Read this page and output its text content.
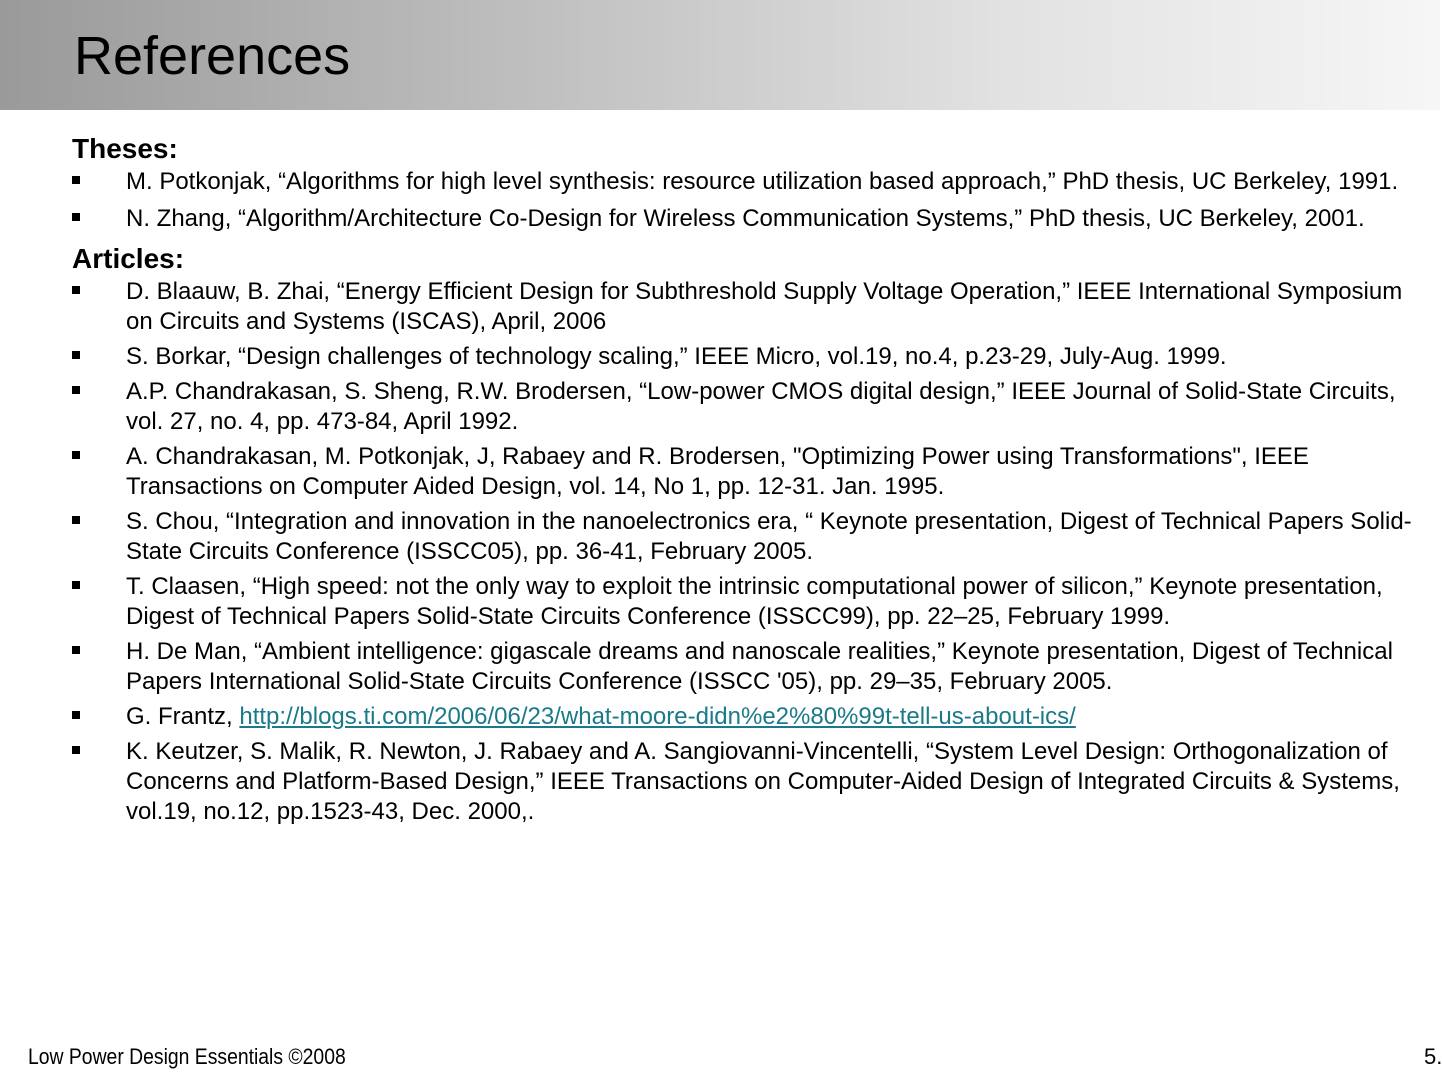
References
Theses:
M. Potkonjak, “Algorithms for high level synthesis: resource utilization based approach,” PhD thesis, UC Berkeley, 1991.
N. Zhang, “Algorithm/Architecture Co-Design for Wireless Communication Systems,” PhD thesis, UC Berkeley, 2001.
Articles:
D. Blaauw, B. Zhai, “Energy Efficient Design for Subthreshold Supply Voltage Operation,” IEEE International Symposium on Circuits and Systems (ISCAS), April, 2006
S. Borkar, “Design challenges of technology scaling,” IEEE Micro, vol.19, no.4, p.23-29, July-Aug. 1999.
A.P. Chandrakasan, S. Sheng, R.W. Brodersen, “Low-power CMOS digital design,” IEEE Journal of Solid-State Circuits, vol. 27, no. 4, pp. 473-84, April 1992.
A. Chandrakasan, M. Potkonjak, J, Rabaey and R. Brodersen, "Optimizing Power using Transformations", IEEE Transactions on Computer Aided Design, vol. 14, No 1, pp. 12-31. Jan. 1995.
S. Chou, “Integration and innovation in the nanoelectronics era, “ Keynote presentation, Digest of Technical Papers Solid-State Circuits Conference (ISSCC05), pp. 36-41, February 2005.
T. Claasen, “High speed: not the only way to exploit the intrinsic computational power of silicon,” Keynote presentation, Digest of Technical Papers Solid-State Circuits Conference (ISSCC99), pp. 22–25, February 1999.
H. De Man, “Ambient intelligence: gigascale dreams and nanoscale realities,” Keynote presentation, Digest of Technical Papers International Solid-State Circuits Conference (ISSCC '05), pp. 29–35, February 2005.
G. Frantz, http://blogs.ti.com/2006/06/23/what-moore-didn%e2%80%99t-tell-us-about-ics/
K. Keutzer, S. Malik, R. Newton, J. Rabaey and A. Sangiovanni-Vincentelli, “System Level Design: Orthogonalization of Concerns and Platform-Based Design,” IEEE Transactions on Computer-Aided Design of Integrated Circuits & Systems, vol.19, no.12, pp.1523-43, Dec. 2000,.
Low Power Design Essentials ©2008	5.
